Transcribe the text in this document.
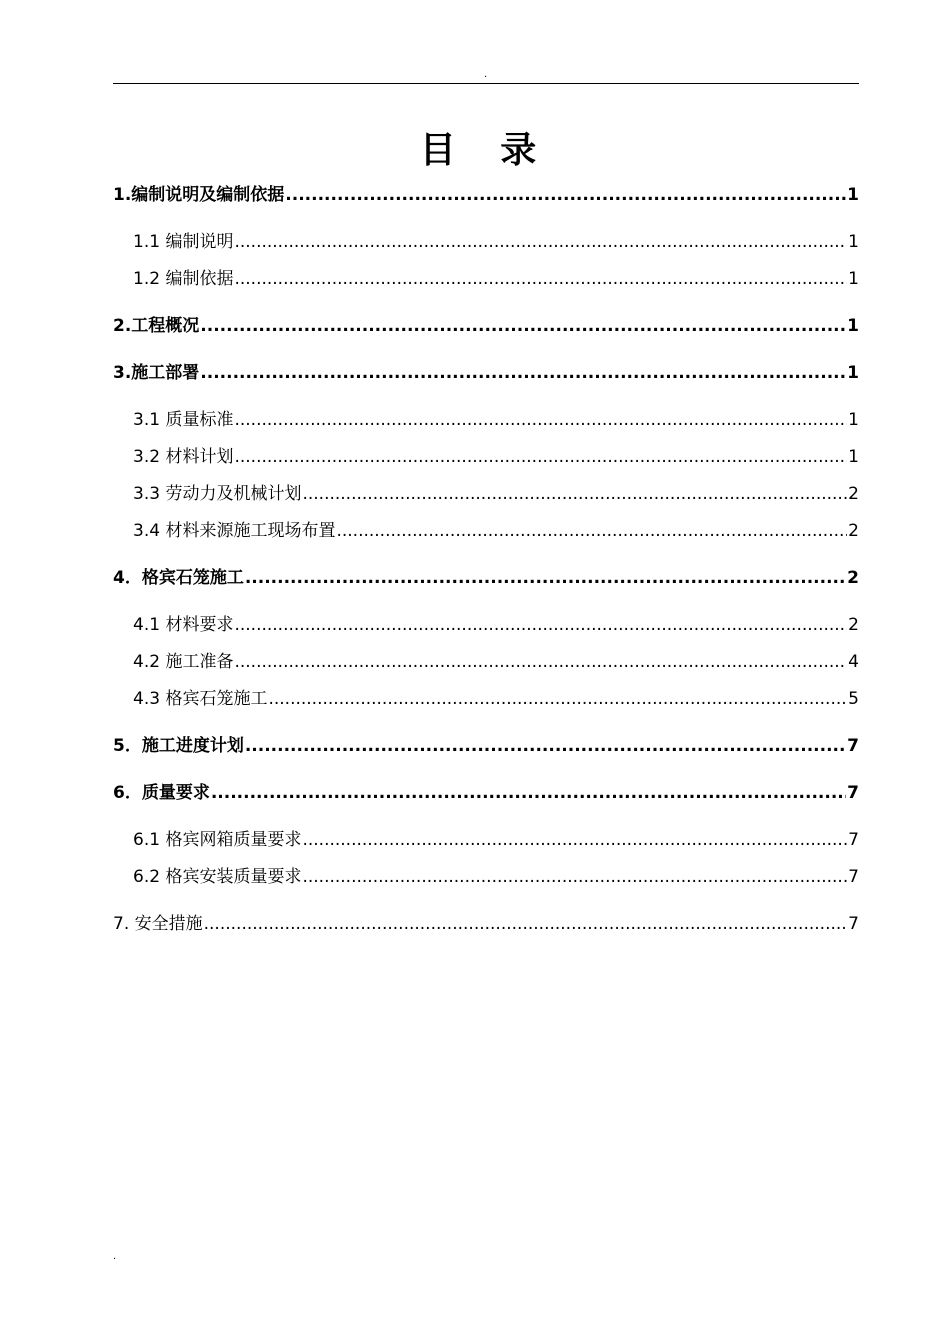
.
目 录
1.编制说明及编制依据 .....	1
1.1 编制说明 .....	1
1.2 编制依据 .....	1
2.工程概况 .....	1
3.施工部署 .....	1
3.1 质量标准 .....	1
3.2 材料计划 .....	1
3.3 劳动力及机械计划 .....	2
3.4 材料来源施工现场布置 .....	2
4．格宾石笼施工 .....	2
4.1 材料要求 .....	2
4.2 施工准备 .....	4
4.3 格宾石笼施工 .....	5
5．施工进度计划 .....	7
6．质量要求 .....	7
6.1 格宾网箱质量要求 .....	7
6.2 格宾安装质量要求 .....	7
7. 安全措施 .....	7
.
